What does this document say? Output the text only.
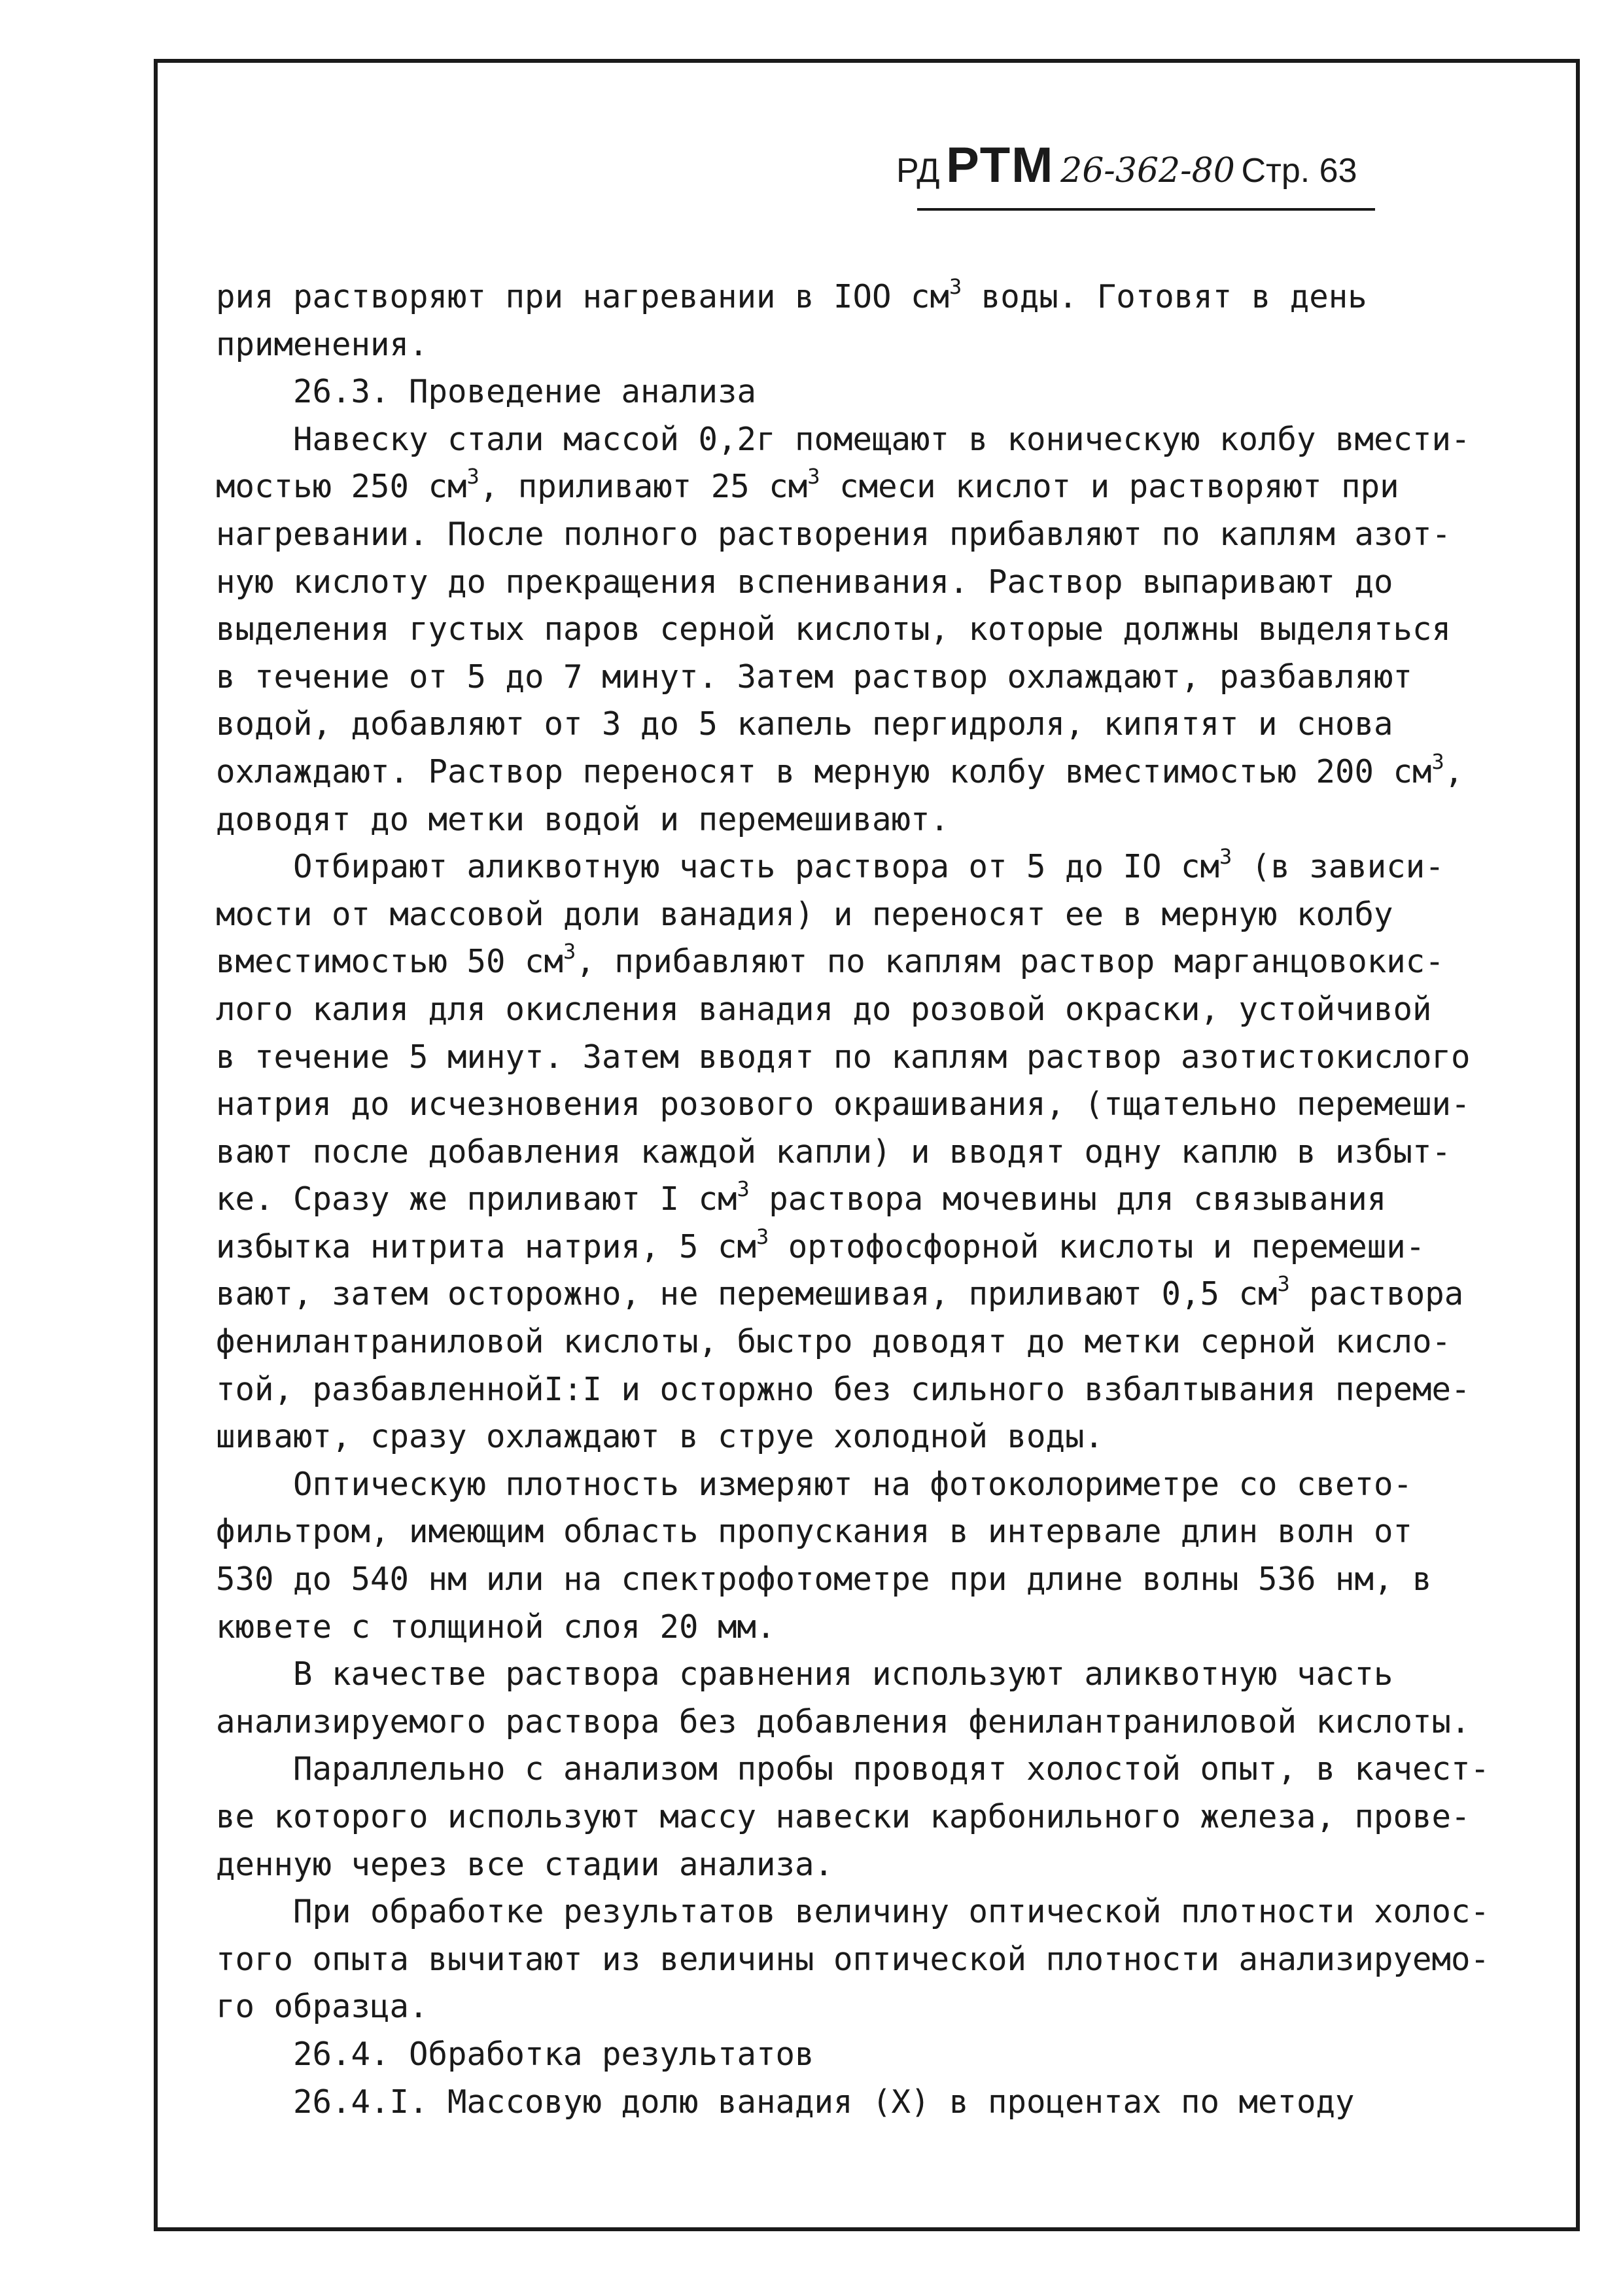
РД РТМ 26-362-80 Стр. 63
рия растворяют при нагревании в IOO $см^3$ воды. Готовят в день
применения.
26.3. Проведение анализа
Навеску стали массой 0,2г помещают в коническую колбу вмести-
мостью 250 $см^3$, приливают 25 $см^3$ смеси кислот и растворяют при
нагревании. После полного растворения прибавляют по каплям азот-
ную кислоту до прекращения вспенивания. Раствор выпаривают до
выделения густых паров серной кислоты, которые должны выделяться
в течение от 5 до 7 минут. Затем раствор охлаждают, разбавляют
водой, добавляют от 3 до 5 капель пергидроля, кипятят и снова
охлаждают. Раствор переносят в мерную колбу вместимостью 200 $см^3$,
доводят до метки водой и перемешивают.
Отбирают аликвотную часть раствора от 5 до IO $см^3$ (в зависи-
мости от массовой доли ванадия) и переносят ее в мерную колбу
вместимостью 50 $см^3$, прибавляют по каплям раствор марганцовокис-
лого калия для окисления ванадия до розовой окраски, устойчивой
в течение 5 минут. Затем вводят по каплям раствор азотистокислого
натрия до исчезновения розового окрашивания, (тщательно перемеши-
вают после добавления каждой капли) и вводят одну каплю в избыт-
ке. Сразу же приливают I $см^3$ раствора мочевины для связывания
избытка нитрита натрия, 5 $см^3$ ортофосфорной кислоты и перемеши-
вают, затем осторожно, не перемешивая, приливают 0,5 $см^3$ раствора
фенилантраниловой кислоты, быстро доводят до метки серной кисло-
той, разбавленнойI:I и осторжно без сильного взбалтывания переме-
шивают, сразу охлаждают в струе холодной воды.
Оптическую плотность измеряют на фотоколориметре со свето-
фильтром, имеющим область пропускания в интервале длин волн от
530 до 540 нм или на спектрофотометре при длине волны 536 нм, в
кювете с толщиной слоя 20 мм.
В качестве раствора сравнения используют аликвотную часть
анализируемого раствора без добавления фенилантраниловой кислоты.
Параллельно с анализом пробы проводят холостой опыт, в качест-
ве которого используют массу навески карбонильного железа, прове-
денную через все стадии анализа.
При обработке результатов величину оптической плотности холос-
того опыта вычитают из величины оптической плотности анализируемо-
го образца.
26.4. Обработка результатов
26.4.I. Массовую долю ванадия (X) в процентах по методу
